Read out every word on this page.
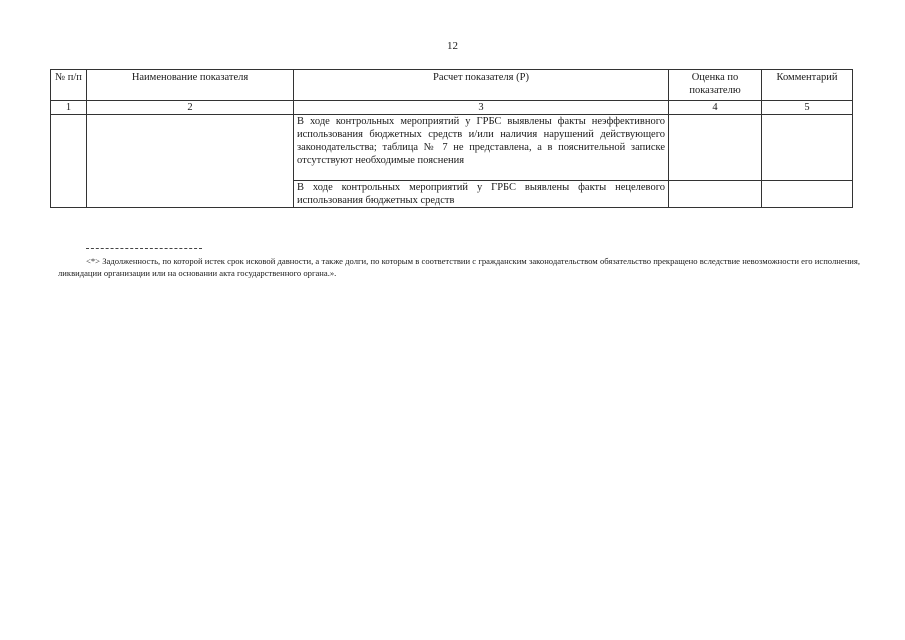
12
№ п/п	Наименование показателя	Расчет показателя (P)	Оценка по показателю	Комментарий
1	2	3	4	5
		В ходе контрольных мероприятий у ГРБС выявлены факты неэффективного использования бюджетных средств и/или наличия нарушений действующего законодательства; таблица № 7 не представлена, а в пояснительной записке отсутствуют необходимые пояснения		
		В ходе контрольных мероприятий у ГРБС выявлены факты нецелевого использования бюджетных средств		
<*> Задолженность, по которой истек срок исковой давности, а также долги, по которым в соответствии с гражданским законодательством обязательство прекращено вследствие невозможности его исполнения, ликвидации организации или на основании акта государственного органа.».
